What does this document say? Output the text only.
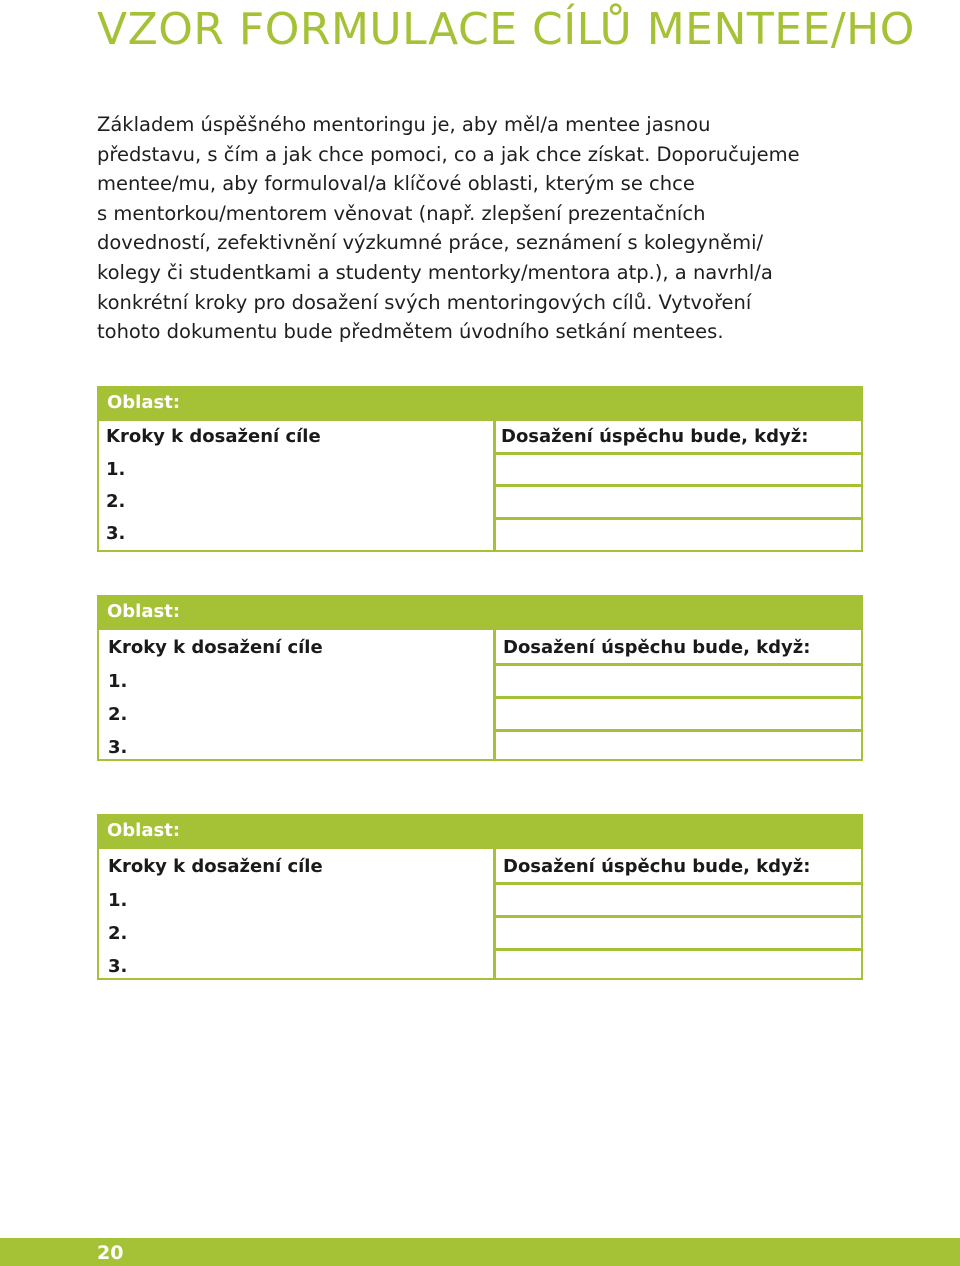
VZOR FORMULACE CÍLŮ MENTEE/HO
Základem úspěšného mentoringu je, aby měl/a mentee jasnou
představu, s čím a jak chce pomoci, co a jak chce získat. Doporučujeme
mentee/mu, aby formuloval/a klíčové oblasti, kterým se chce
s mentorkou/mentorem věnovat (např. zlepšení prezentačních
dovedností, zefektivnění výzkumné práce, seznámení s kolegyněmi/
kolegy či studentkami a studenty mentorky/mentora atp.), a navrhl/a
konkrétní kroky pro dosažení svých mentoringových cílů. Vytvoření
tohoto dokumentu bude předmětem úvodního setkání mentees.
Oblast:
Kroky k dosažení cíle	Dosažení úspěchu bude, když:
1.
2.
3.
Oblast:
Kroky k dosažení cíle	Dosažení úspěchu bude, když:
1.
2.
3.
Oblast:
Kroky k dosažení cíle	Dosažení úspěchu bude, když:
1.
2.
3.
20
